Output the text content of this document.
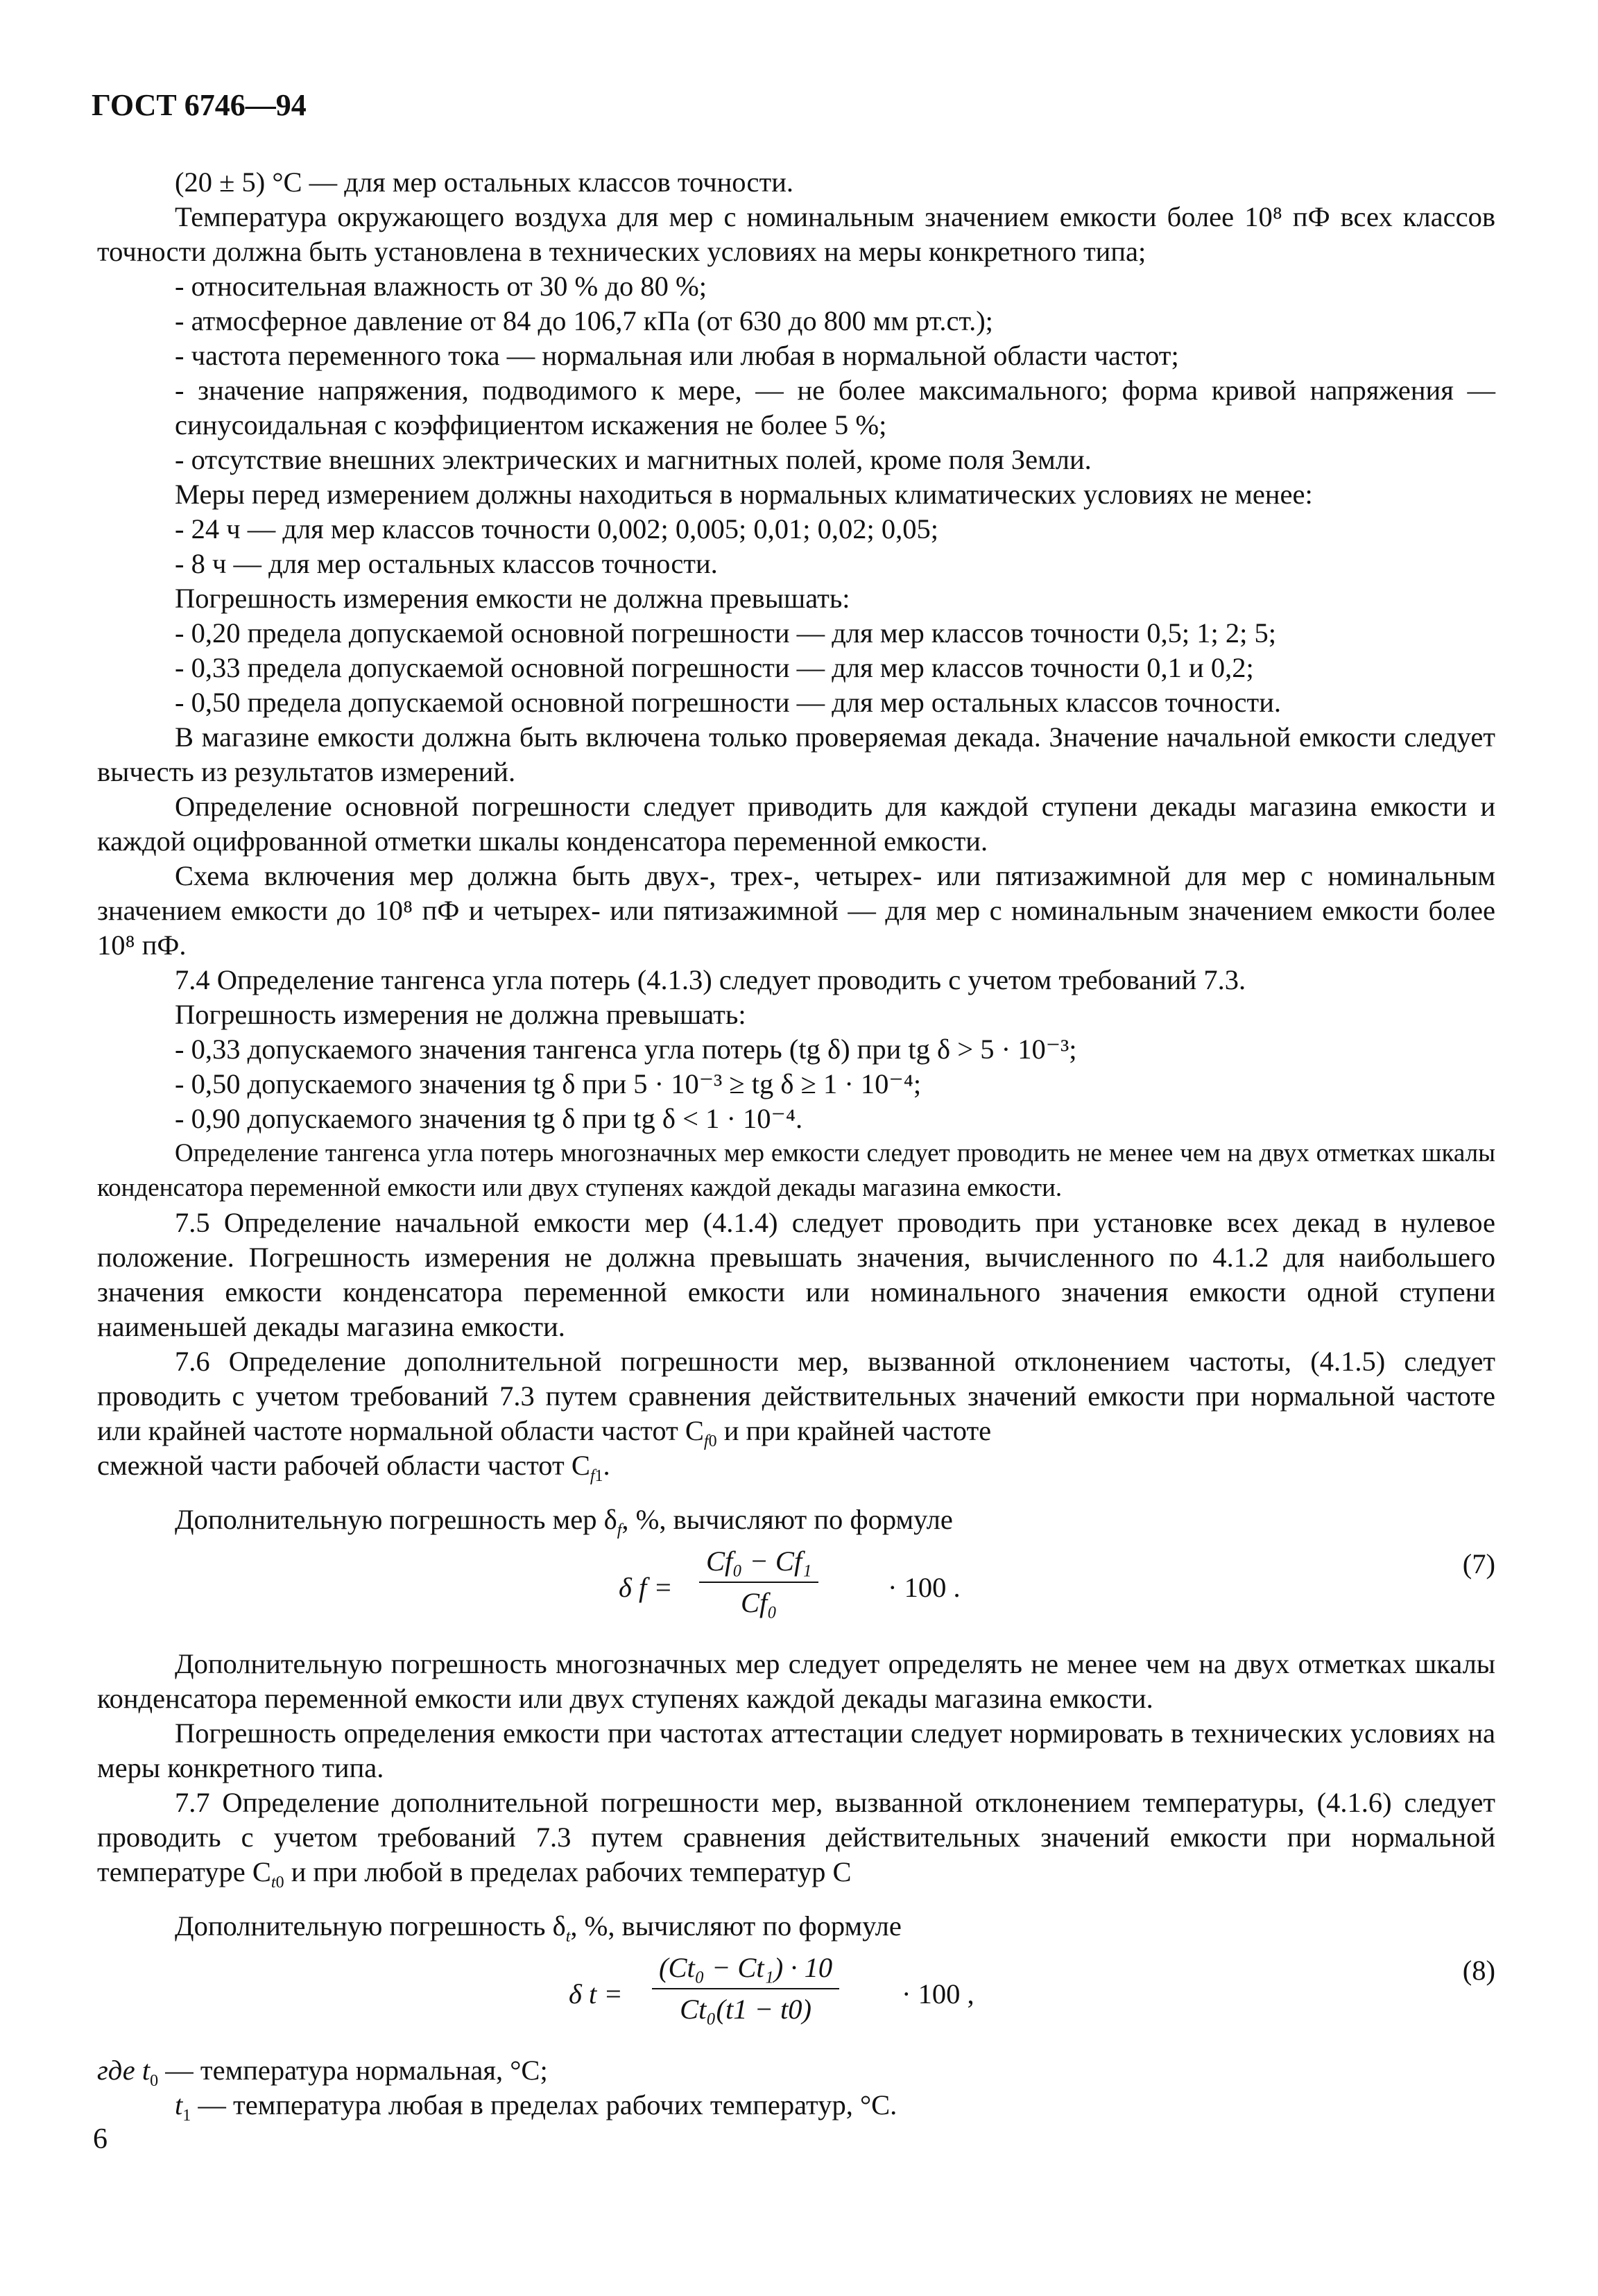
ГОСТ 6746—94

(20 ± 5) °С — для мер остальных классов точности.

Температура окружающего воздуха для мер с номинальным значением емкости более 10⁸ пФ всех классов точности должна быть установлена в технических условиях на меры конкретного типа;

- относительная влажность от 30 % до 80 %;

- атмосферное давление от 84 до 106,7 кПа (от 630 до 800 мм рт.ст.);

- частота переменного тока — нормальная или любая в нормальной области частот;

- значение напряжения, подводимого к мере, — не более максимального; форма кривой напряжения — синусоидальная с коэффициентом искажения не более 5 %;

- отсутствие внешних электрических и магнитных полей, кроме поля Земли.

Меры перед измерением должны находиться в нормальных климатических условиях не менее:

- 24 ч — для мер классов точности 0,002; 0,005; 0,01; 0,02; 0,05;

- 8 ч — для мер остальных классов точности.

Погрешность измерения емкости не должна превышать:

- 0,20 предела допускаемой основной погрешности — для мер классов точности 0,5; 1; 2; 5;

- 0,33 предела допускаемой основной погрешности — для мер классов точности 0,1 и 0,2;

- 0,50 предела допускаемой основной погрешности — для мер остальных классов точности.

В магазине емкости должна быть включена только проверяемая декада. Значение начальной емкости следует вычесть из результатов измерений.

Определение основной погрешности следует приводить для каждой ступени декады магазина емкости и каждой оцифрованной отметки шкалы конденсатора переменной емкости.

Схема включения мер должна быть двух-, трех-, четырех- или пятизажимной для мер с номинальным значением емкости до 10⁸ пФ и четырех- или пятизажимной — для мер с номинальным значением емкости более 10⁸ пФ.

7.4 Определение тангенса угла потерь (4.1.3) следует проводить с учетом требований 7.3.

Погрешность измерения не должна превышать:

- 0,33 допускаемого значения тангенса угла потерь (tg δ) при tg δ > 5 · 10⁻³;

- 0,50 допускаемого значения tg δ при 5 · 10⁻³ ≥ tg δ ≥ 1 · 10⁻⁴;

- 0,90 допускаемого значения tg δ при tg δ < 1 · 10⁻⁴.

Определение тангенса угла потерь многозначных мер емкости следует проводить не менее чем на двух отметках шкалы конденсатора переменной емкости или двух ступенях каждой декады магазина емкости.

7.5 Определение начальной емкости мер (4.1.4) следует проводить при установке всех декад в нулевое положение. Погрешность измерения не должна превышать значения, вычисленного по 4.1.2 для наибольшего значения емкости конденсатора переменной емкости или номинального значения емкости одной ступени наименьшей декады магазина емкости.

7.6 Определение дополнительной погрешности мер, вызванной отклонением частоты, (4.1.5) следует проводить с учетом требований 7.3 путем сравнения действительных значений емкости при нормальной частоте или крайней частоте нормальной области частот $C_{f0}$ и при крайней частоте

смежной части рабочей области частот $C_{f1}$.

Дополнительную погрешность мер $\delta_f$, %, вычисляют по формуле

δ $f = \frac{\text{Cf₀ − Cf₁}}{\text{Cf₀}} \cdot 100$ .
(7)

Дополнительную погрешность многозначных мер следует определять не менее чем на двух отметках шкалы конденсатора переменной емкости или двух ступенях каждой декады магазина емкости.

Погрешность определения емкости при частотах аттестации следует нормировать в технических условиях на меры конкретного типа.

7.7 Определение дополнительной погрешности мер, вызванной отклонением температуры, (4.1.6) следует проводить с учетом требований 7.3 путем сравнения действительных значений емкости при нормальной температуре $C_{t0}$ и при любой в пределах рабочих температур C

Дополнительную погрешность $\delta_t$, %, вычисляют по формуле

δ $t = \frac{\text{(Ct₀ − Ct₁) · 10}}{\text{Ct₀(t1 − t0)}} \cdot 100$ ,
(8)

где $t_0$ — температура нормальная, °С;

$t_1$ — температура любая в пределах рабочих температур, °С.

6
